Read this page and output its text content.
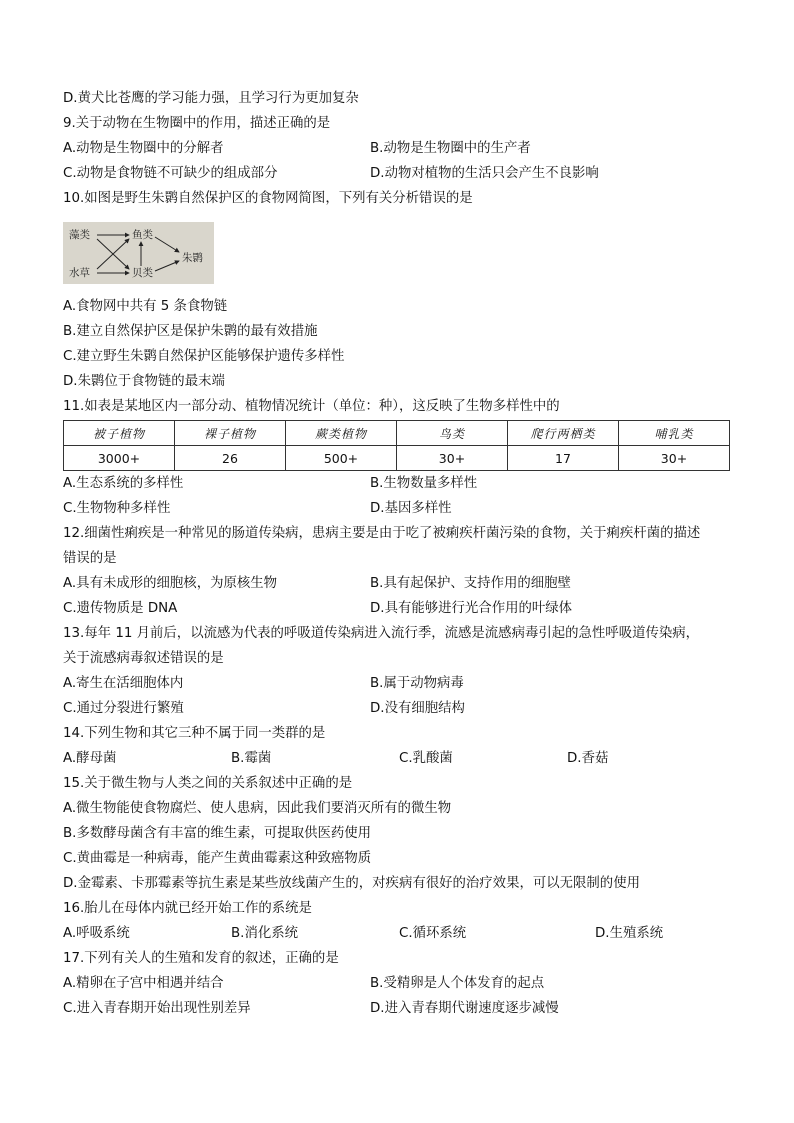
D.黄犬比苍鹰的学习能力强，且学习行为更加复杂
9.关于动物在生物圈中的作用，描述正确的是
A.动物是生物圈中的分解者	B.动物是生物圈中的生产者
C.动物是食物链不可缺少的组成部分	D.动物对植物的生活只会产生不良影响
10.如图是野生朱鹮自然保护区的食物网简图，下列有关分析错误的是
藻类	鱼类
水草	贝类
朱鹮
A.食物网中共有 5 条食物链
B.建立自然保护区是保护朱鹮的最有效措施
C.建立野生朱鹮自然保护区能够保护遗传多样性
D.朱鹮位于食物链的最末端
11.如表是某地区内一部分动、植物情况统计（单位：种），这反映了生物多样性中的
被子植物	裸子植物	蕨类植物	鸟类	爬行两栖类	哺乳类
3000+	26	500+	30+	17	30+
A.生态系统的多样性	B.生物数量多样性
C.生物物种多样性	D.基因多样性
12.细菌性痢疾是一种常见的肠道传染病，患病主要是由于吃了被痢疾杆菌污染的食物，关于痢疾杆菌的描述
错误的是
A.具有未成形的细胞核，为原核生物	B.具有起保护、支持作用的细胞壁
C.遗传物质是 DNA	D.具有能够进行光合作用的叶绿体
13.每年 11 月前后，以流感为代表的呼吸道传染病进入流行季，流感是流感病毒引起的急性呼吸道传染病，
关于流感病毒叙述错误的是
A.寄生在活细胞体内	B.属于动物病毒
C.通过分裂进行繁殖	D.没有细胞结构
14.下列生物和其它三种不属于同一类群的是
A.酵母菌	B.霉菌	C.乳酸菌	D.香菇
15.关于微生物与人类之间的关系叙述中正确的是
A.微生物能使食物腐烂、使人患病，因此我们要消灭所有的微生物
B.多数酵母菌含有丰富的维生素，可提取供医药使用
C.黄曲霉是一种病毒，能产生黄曲霉素这种致癌物质
D.金霉素、卡那霉素等抗生素是某些放线菌产生的，对疾病有很好的治疗效果，可以无限制的使用
16.胎儿在母体内就已经开始工作的系统是
A.呼吸系统	B.消化系统	C.循环系统	D.生殖系统
17.下列有关人的生殖和发育的叙述，正确的是
A.精卵在子宫中相遇并结合	B.受精卵是人个体发育的起点
C.进入青春期开始出现性别差异	D.进入青春期代谢速度逐步减慢
